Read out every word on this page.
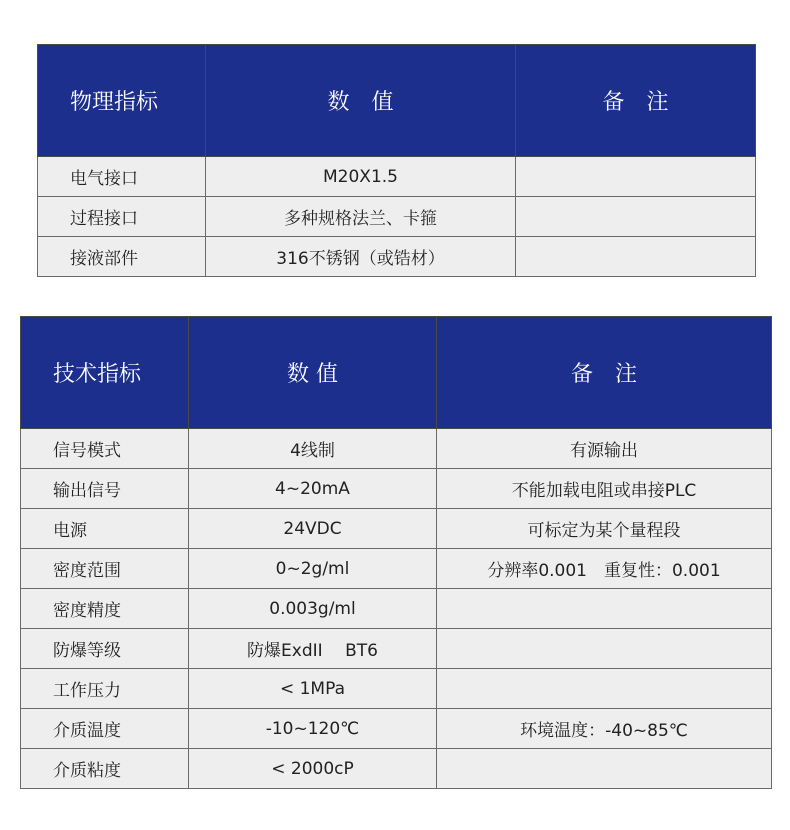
物理指标	数　值	备　注
电气接口	M20X1.5	
过程接口	多种规格法兰、卡箍	
接液部件	316不锈钢（或锆材）	
技术指标	数 值	备　注
信号模式	4线制	有源输出
输出信号	4~20mA	不能加载电阻或串接PLC
电源	24VDC	可标定为某个量程段
密度范围	0~2g/ml	分辨率0.001　重复性：0.001
密度精度	0.003g/ml	
防爆等级	防爆ExdII　 BT6	
工作压力	< 1MPa	
介质温度	-10~120℃	环境温度：-40~85℃
介质粘度	< 2000cP	
